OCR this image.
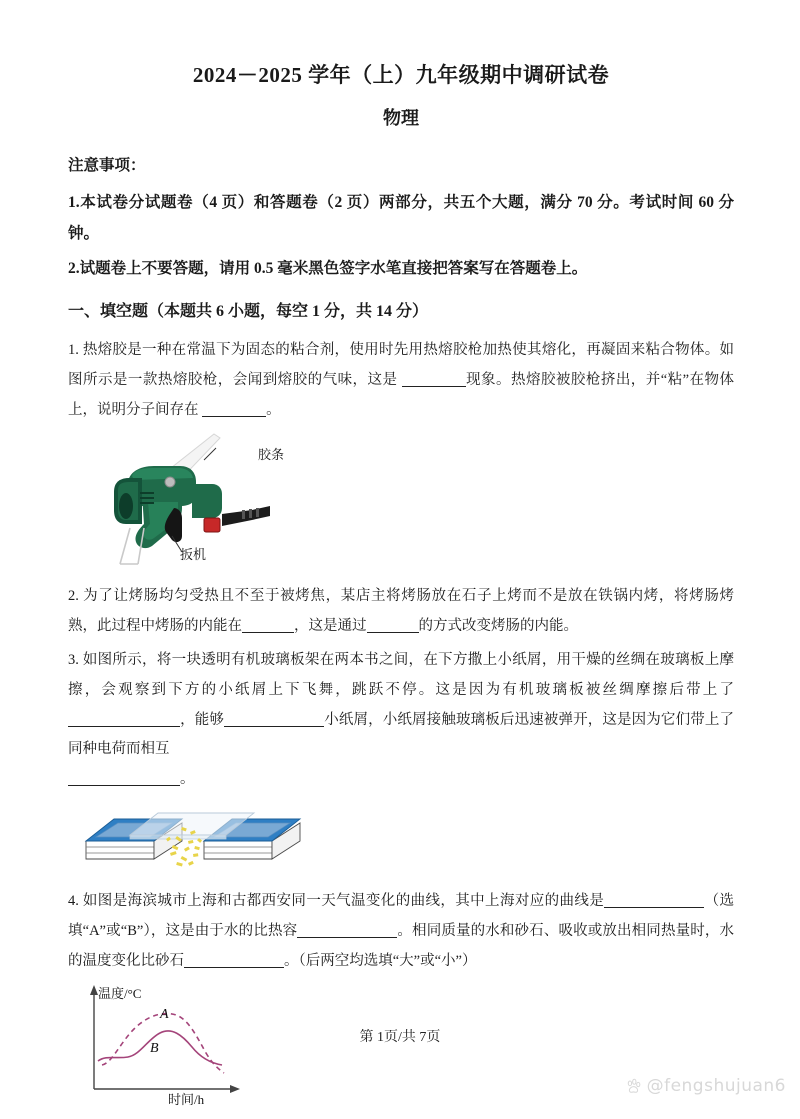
2024－2025 学年（上）九年级期中调研试卷
物理
注意事项：

1.本试卷分试题卷（4 页）和答题卷（2 页）两部分，共五个大题，满分 70 分。考试时间 60 分钟。

2.试题卷上不要答题，请用 0.5 毫米黑色签字水笔直接把答案写在答题卷上。

一、填空题（本题共 6 小题，每空 1 分，共 14 分）

1. 热熔胶是一种在常温下为固态的粘合剂，使用时先用热熔胶枪加热使其熔化，再凝固来粘合物体。如图所示是一款热熔胶枪，会闻到熔胶的气味，这是	现象。热熔胶被胶枪挤出，并“粘”在物体上，说明分子间存在	。

胶条
扳机

2. 为了让烤肠均匀受热且不至于被烤焦，某店主将烤肠放在石子上烤而不是放在铁锅内烤，将烤肠烤熟，此过程中烤肠的内能在	，这是通过	的方式改变烤肠的内能。

3. 如图所示，将一块透明有机玻璃板架在两本书之间，在下方撒上小纸屑，用干燥的丝绸在玻璃板上摩擦，会观察到下方的小纸屑上下飞舞，跳跃不停。这是因为有机玻璃板被丝绸摩擦后带上了，能够	小纸屑，小纸屑接触玻璃板后迅速被弹开，这是因为它们带上了同种电荷而相互
。

4. 如图是海滨城市上海和古都西安同一天气温变化的曲线，其中上海对应的曲线是	（选填“A”或“B”），这是由于水的比热容	。相同质量的水和砂石、吸收或放出相同热量时，水的温度变化比砂石	。（后两空均选填“大”或“小”）

温度/°C
时间/h
A
B
第 1页/共 7页
@fengshujuan6
